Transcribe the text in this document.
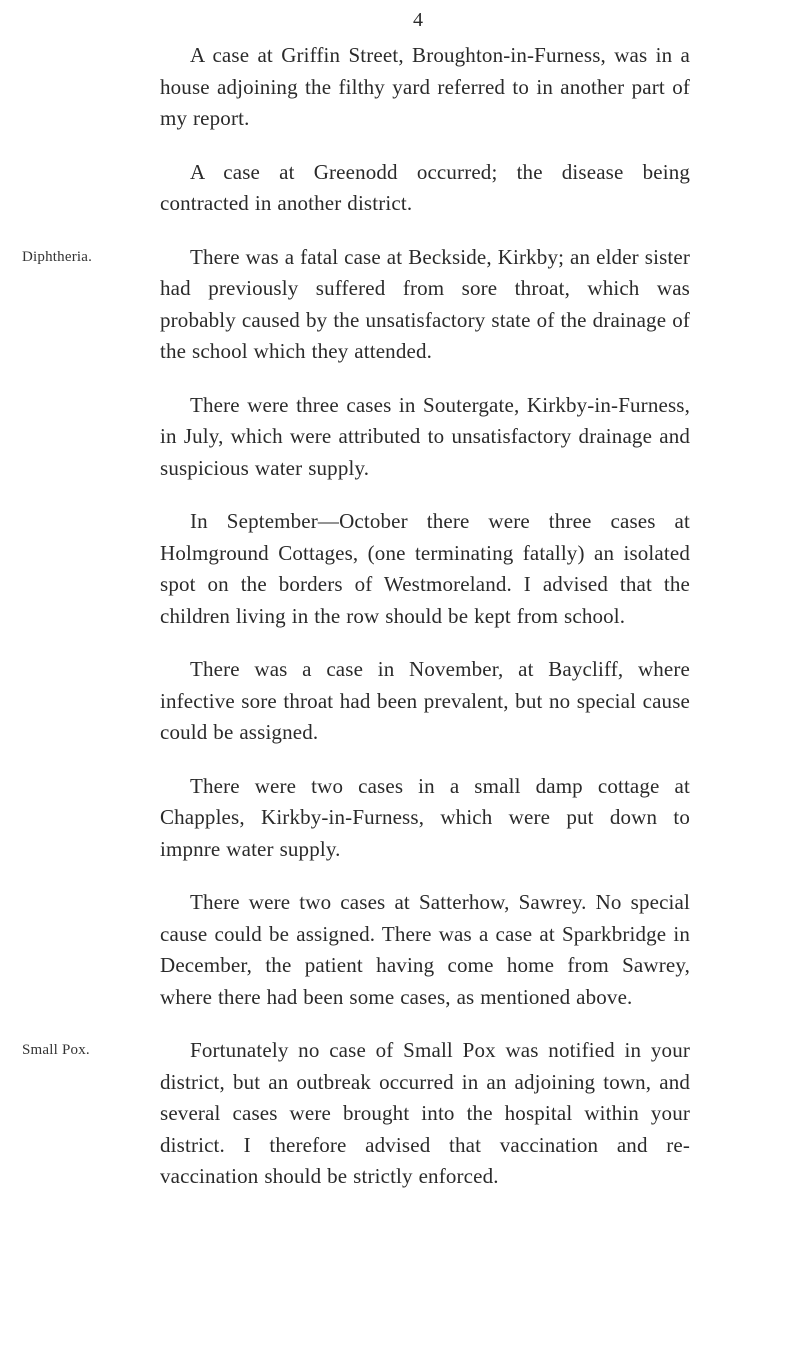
4

A case at Griffin Street, Broughton-in-Furness, was in a house adjoining the filthy yard referred to in another part of my report.

A case at Greenodd occurred; the disease being contracted in another district.

Diphtheria.	There was a fatal case at Beckside, Kirkby; an elder sister had previously suffered from sore throat, which was probably caused by the unsatisfactory state of the drainage of the school which they attended.

There were three cases in Soutergate, Kirkby-in-Furness, in July, which were attributed to unsatisfactory drainage and suspicious water supply.

In September—October there were three cases at Holmground Cottages, (one terminating fatally) an isolated spot on the borders of Westmoreland. I advised that the children living in the row should be kept from school.

There was a case in November, at Baycliff, where infective sore throat had been prevalent, but no special cause could be assigned.

There were two cases in a small damp cottage at Chapples, Kirkby-in-Furness, which were put down to impnre water supply.

There were two cases at Satterhow, Sawrey. No special cause could be assigned. There was a case at Sparkbridge in December, the patient having come home from Sawrey, where there had been some cases, as mentioned above.

Small Pox.	Fortunately no case of Small Pox was notified in your district, but an outbreak occurred in an adjoining town, and several cases were brought into the hospital within your district. I therefore advised that vaccination and re-vaccination should be strictly enforced.
